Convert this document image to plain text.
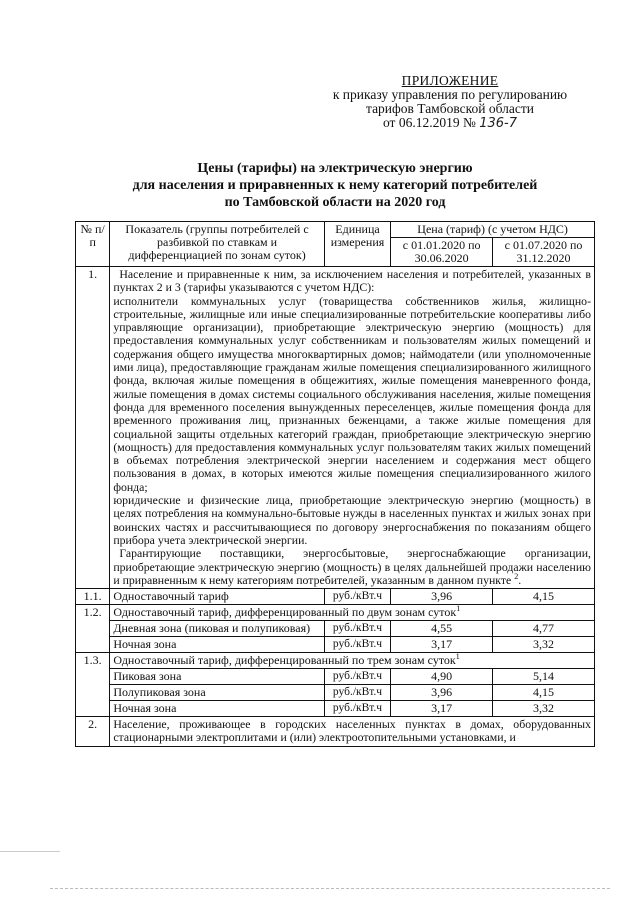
ПРИЛОЖЕНИЕ
к приказу управления по регулированию
тарифов Тамбовской области
от 06.12.2019 № 136-7
Цены (тарифы) на электрическую энергию
для населения и приравненных к нему категорий потребителей
по Тамбовской области на 2020 год
№ п/п	Показатель (группы потребителей с разбивкой по ставкам и дифференциацией по зонам суток)	Единица измерения	Цена (тариф) (с учетом НДС)	
			с 01.01.2020 по 30.06.2020	с 01.07.2020 по 31.12.2020
1.	Население и приравненные к ним, за исключением населения и потребителей, указанных в пунктах 2 и 3 (тарифы указываются с учетом НДС):

исполнители коммунальных услуг (товарищества собственников жилья, жилищно-строительные, жилищные или иные специализированные потребительские кооперативы либо управляющие организации), приобретающие электрическую энергию (мощность) для предоставления коммунальных услуг собственникам и пользователям жилых помещений и содержания общего имущества многоквартирных домов; наймодатели (или уполномоченные ими лица), предоставляющие гражданам жилые помещения специализированного жилищного фонда, включая жилые помещения в общежитиях, жилые помещения маневренного фонда, жилые помещения в домах системы социального обслуживания населения, жилые помещения фонда для временного поселения вынужденных переселенцев, жилые помещения фонда для временного проживания лиц, признанных беженцами, а также жилые помещения для социальной защиты отдельных категорий граждан, приобретающие электрическую энергию (мощность) для предоставления коммунальных услуг пользователям таких жилых помещений в объемах потребления электрической энергии населением и содержания мест общего пользования в домах, в которых имеются жилые помещения специализированного жилого фонда;

юридические и физические лица, приобретающие электрическую энергию (мощность) в целях потребления на коммунально-бытовые нужды в населенных пунктах и жилых зонах при воинских частях и рассчитывающиеся по договору энергоснабжения по показаниям общего прибора учета электрической энергии.

Гарантирующие поставщики, энергосбытовые, энергоснабжающие организации, приобретающие электрическую энергию (мощность) в целях дальнейшей продажи населению и приравненным к нему категориям потребителей, указанным в данном пункте $^2$.			

1.1.	Одноставочный тариф	руб./кВт.ч	3,96	4,15
1.2.	Одноставочный тариф, дифференцированный по двум зонам суток$^1$
	Дневная зона (пиковая и полупиковая)	руб./кВт.ч	4,55	4,77
	Ночная зона	руб./кВт.ч	3,17	3,32
1.3.	Одноставочный тариф, дифференцированный по трем зонам суток$^1$
	Пиковая зона	руб./кВт.ч	4,90	5,14
	Полупиковая зона	руб./кВт.ч	3,96	4,15
	Ночная зона	руб./кВт.ч	3,17	3,32
2.	Население, проживающее в городских населенных пунктах в домах, оборудованных стационарными электроплитами и (или) электроотопительными установками, и			
